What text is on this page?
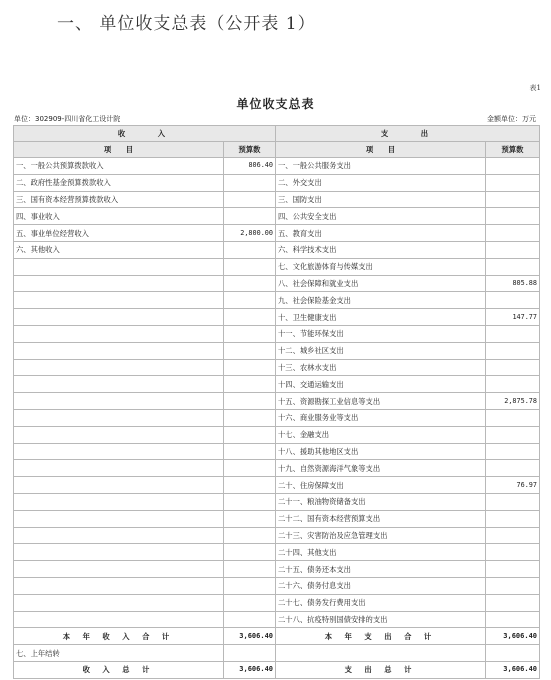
一、 单位收支总表（公开表 1）
表1
单位收支总表
单位：302909-四川省化工设计院	金额单位：万元
收　　入		支　　出	
项　　目	预算数	项　　目	预算数
一、一般公共预算拨款收入	806.40	一、一般公共服务支出	
二、政府性基金预算拨款收入		二、外交支出	
三、国有资本经营预算拨款收入		三、国防支出	
四、事业收入		四、公共安全支出	
五、事业单位经营收入	2,800.00	五、教育支出	
六、其他收入		六、科学技术支出	
		七、文化旅游体育与传媒支出	
		八、社会保障和就业支出	805.88
		九、社会保险基金支出	
		十、卫生健康支出	147.77
		十一、节能环保支出	
		十二、城乡社区支出	
		十三、农林水支出	
		十四、交通运输支出	
		十五、资源勘探工业信息等支出	2,875.78
		十六、商业服务业等支出	
		十七、金融支出	
		十八、援助其他地区支出	
		十九、自然资源海洋气象等支出	
		二十、住房保障支出	76.97
		二十一、粮油物资储备支出	
		二十二、国有资本经营预算支出	
		二十三、灾害防治及应急管理支出	
		二十四、其他支出	
		二十五、债务还本支出	
		二十六、债务付息支出	
		二十七、债务发行费用支出	
		二十八、抗疫特别国债安排的支出	
本 年 收 入 合 计	3,606.40	本 年 支 出 合 计	3,606.40
七、上年结转			
收 入 总 计	3,606.40	支 出 总 计	3,606.40
